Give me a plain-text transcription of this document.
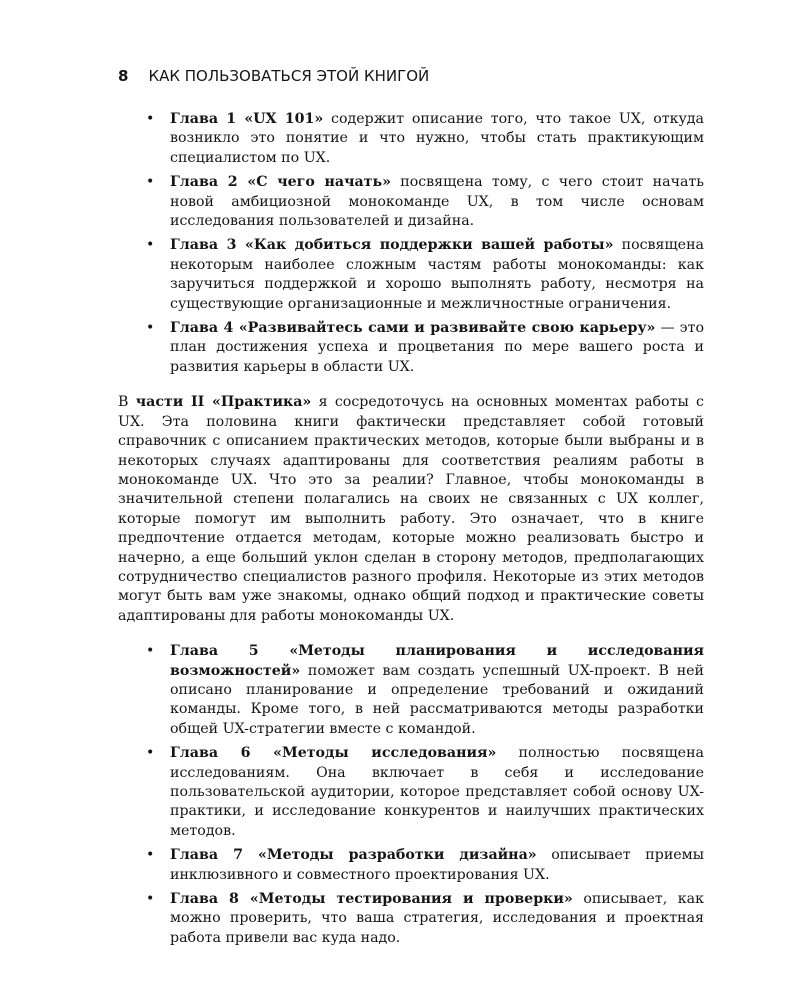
8 КАК ПОЛЬЗОВАТЬСЯ ЭТОЙ КНИГОЙ
• Глава 1 «UX 101» содержит описание того, что такое UX, откуда возникло это понятие и что нужно, чтобы стать практикующим специалистом по UX.
• Глава 2 «С чего начать» посвящена тому, с чего стоит начать новой амбициозной монокоманде UX, в том числе основам исследования пользователей и дизайна.
• Глава 3 «Как добиться поддержки вашей работы» посвящена некоторым наиболее сложным частям работы монокоманды: как заручиться поддержкой и хорошо выполнять работу, несмотря на существующие организационные и межличностные ограничения.
• Глава 4 «Развивайтесь сами и развивайте свою карьеру» — это план достижения успеха и процветания по мере вашего роста и развития карьеры в области UX.

В части II «Практика» я сосредоточусь на основных моментах работы с UX. Эта половина книги фактически представляет собой готовый справочник с описанием практических методов, которые были выбраны и в некоторых случаях адаптированы для соответствия реалиям работы в монокоманде UX. Что это за реалии? Главное, чтобы монокоманды в значительной степени полагались на своих не связанных с UX коллег, которые помогут им выполнить работу. Это означает, что в книге предпочтение отдается методам, которые можно реализовать быстро и начерно, а еще больший уклон сделан в сторону методов, предполагающих сотрудничество специалистов разного профиля. Некоторые из этих методов могут быть вам уже знакомы, однако общий подход и практические советы адаптированы для работы монокоманды UX.

• Глава 5 «Методы планирования и исследования возможностей» поможет вам создать успешный UX-проект. В ней описано планирование и определение требований и ожиданий команды. Кроме того, в ней рассматриваются методы разработки общей UX-стратегии вместе с командой.
• Глава 6 «Методы исследования» полностью посвящена исследованиям. Она включает в себя и исследование пользовательской аудитории, которое представляет собой основу UX-практики, и исследование конкурентов и наилучших практических методов.
• Глава 7 «Методы разработки дизайна» описывает приемы инклюзивного и совместного проектирования UX.
• Глава 8 «Методы тестирования и проверки» описывает, как можно проверить, что ваша стратегия, исследования и проектная работа привели вас куда надо.
